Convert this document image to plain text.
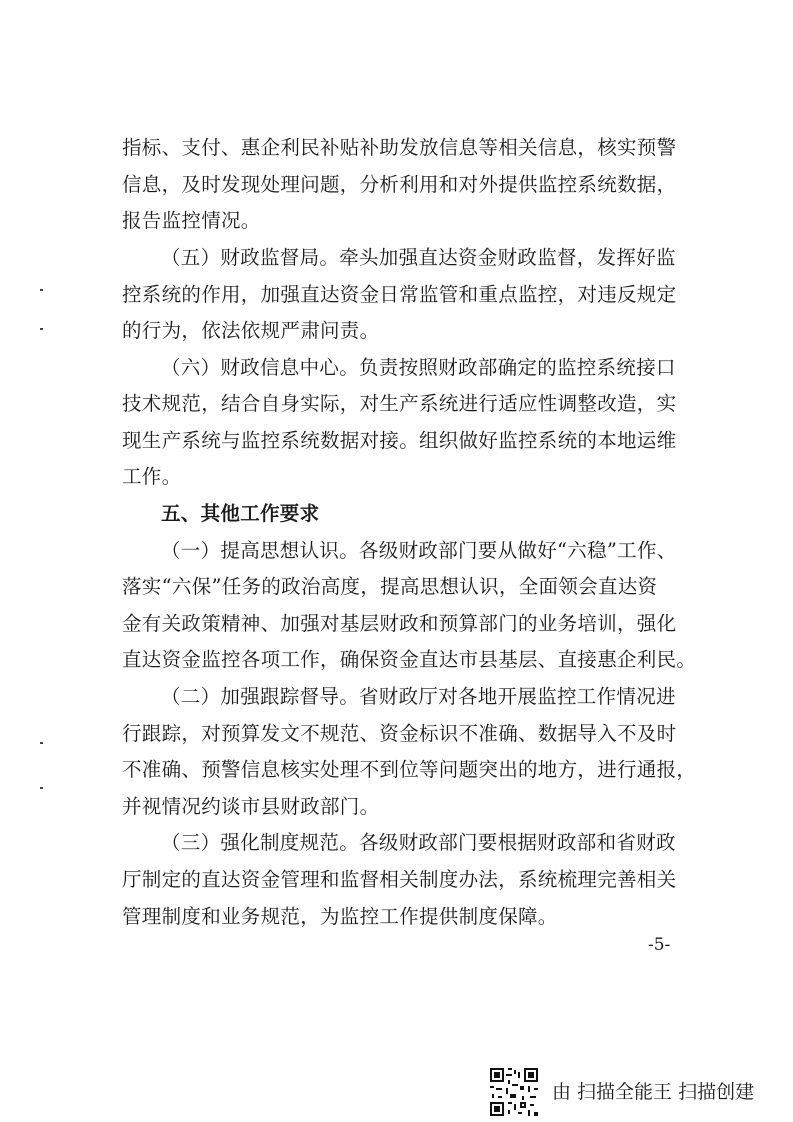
指标、支付、惠企利民补贴补助发放信息等相关信息，核实预警
信息，及时发现处理问题，分析利用和对外提供监控系统数据，
报告监控情况。
（五）财政监督局。牵头加强直达资金财政监督，发挥好监
控系统的作用，加强直达资金日常监管和重点监控，对违反规定
的行为，依法依规严肃问责。
（六）财政信息中心。负责按照财政部确定的监控系统接口
技术规范，结合自身实际，对生产系统进行适应性调整改造，实
现生产系统与监控系统数据对接。组织做好监控系统的本地运维
工作。
五、其他工作要求
（一）提高思想认识。各级财政部门要从做好“六稳”工作、
落实“六保”任务的政治高度，提高思想认识，全面领会直达资
金有关政策精神、加强对基层财政和预算部门的业务培训，强化
直达资金监控各项工作，确保资金直达市县基层、直接惠企利民。
（二）加强跟踪督导。省财政厅对各地开展监控工作情况进
行跟踪，对预算发文不规范、资金标识不准确、数据导入不及时
不准确、预警信息核实处理不到位等问题突出的地方，进行通报，
并视情况约谈市县财政部门。
（三）强化制度规范。各级财政部门要根据财政部和省财政
厅制定的直达资金管理和监督相关制度办法，系统梳理完善相关
管理制度和业务规范，为监控工作提供制度保障。
-5-
由 扫描全能王 扫描创建
